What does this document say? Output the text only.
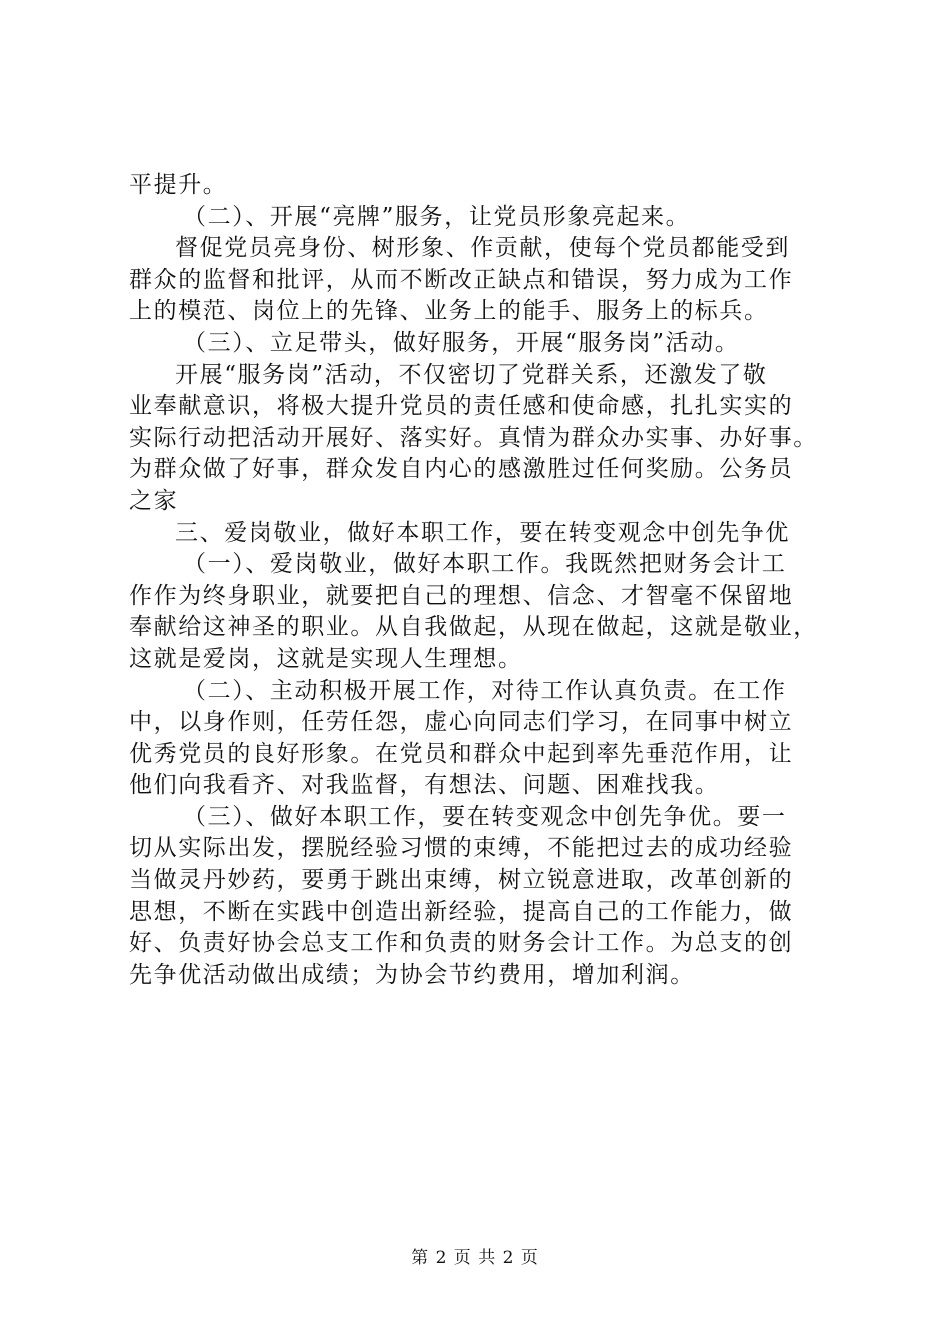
平提升。
（二）、开展“亮牌”服务，让党员形象亮起来。
督促党员亮身份、树形象、作贡献，使每个党员都能受到
群众的监督和批评，从而不断改正缺点和错误，努力成为工作
上的模范、岗位上的先锋、业务上的能手、服务上的标兵。
（三）、立足带头，做好服务，开展“服务岗”活动。
开展“服务岗”活动，不仅密切了党群关系，还激发了敬
业奉献意识，将极大提升党员的责任感和使命感，扎扎实实的
实际行动把活动开展好、落实好。真情为群众办实事、办好事。
为群众做了好事，群众发自内心的感激胜过任何奖励。公务员
之家
三、爱岗敬业，做好本职工作，要在转变观念中创先争优
（一）、爱岗敬业，做好本职工作。我既然把财务会计工
作作为终身职业，就要把自己的理想、信念、才智毫不保留地
奉献给这神圣的职业。从自我做起，从现在做起，这就是敬业，
这就是爱岗，这就是实现人生理想。
（二）、主动积极开展工作，对待工作认真负责。在工作
中，以身作则，任劳任怨，虚心向同志们学习，在同事中树立
优秀党员的良好形象。在党员和群众中起到率先垂范作用，让
他们向我看齐、对我监督，有想法、问题、困难找我。
（三）、做好本职工作，要在转变观念中创先争优。要一
切从实际出发，摆脱经验习惯的束缚，不能把过去的成功经验
当做灵丹妙药，要勇于跳出束缚，树立锐意进取，改革创新的
思想，不断在实践中创造出新经验，提高自己的工作能力，做
好、负责好协会总支工作和负责的财务会计工作。为总支的创
先争优活动做出成绩；为协会节约费用，增加利润。
第 2 页 共 2 页
